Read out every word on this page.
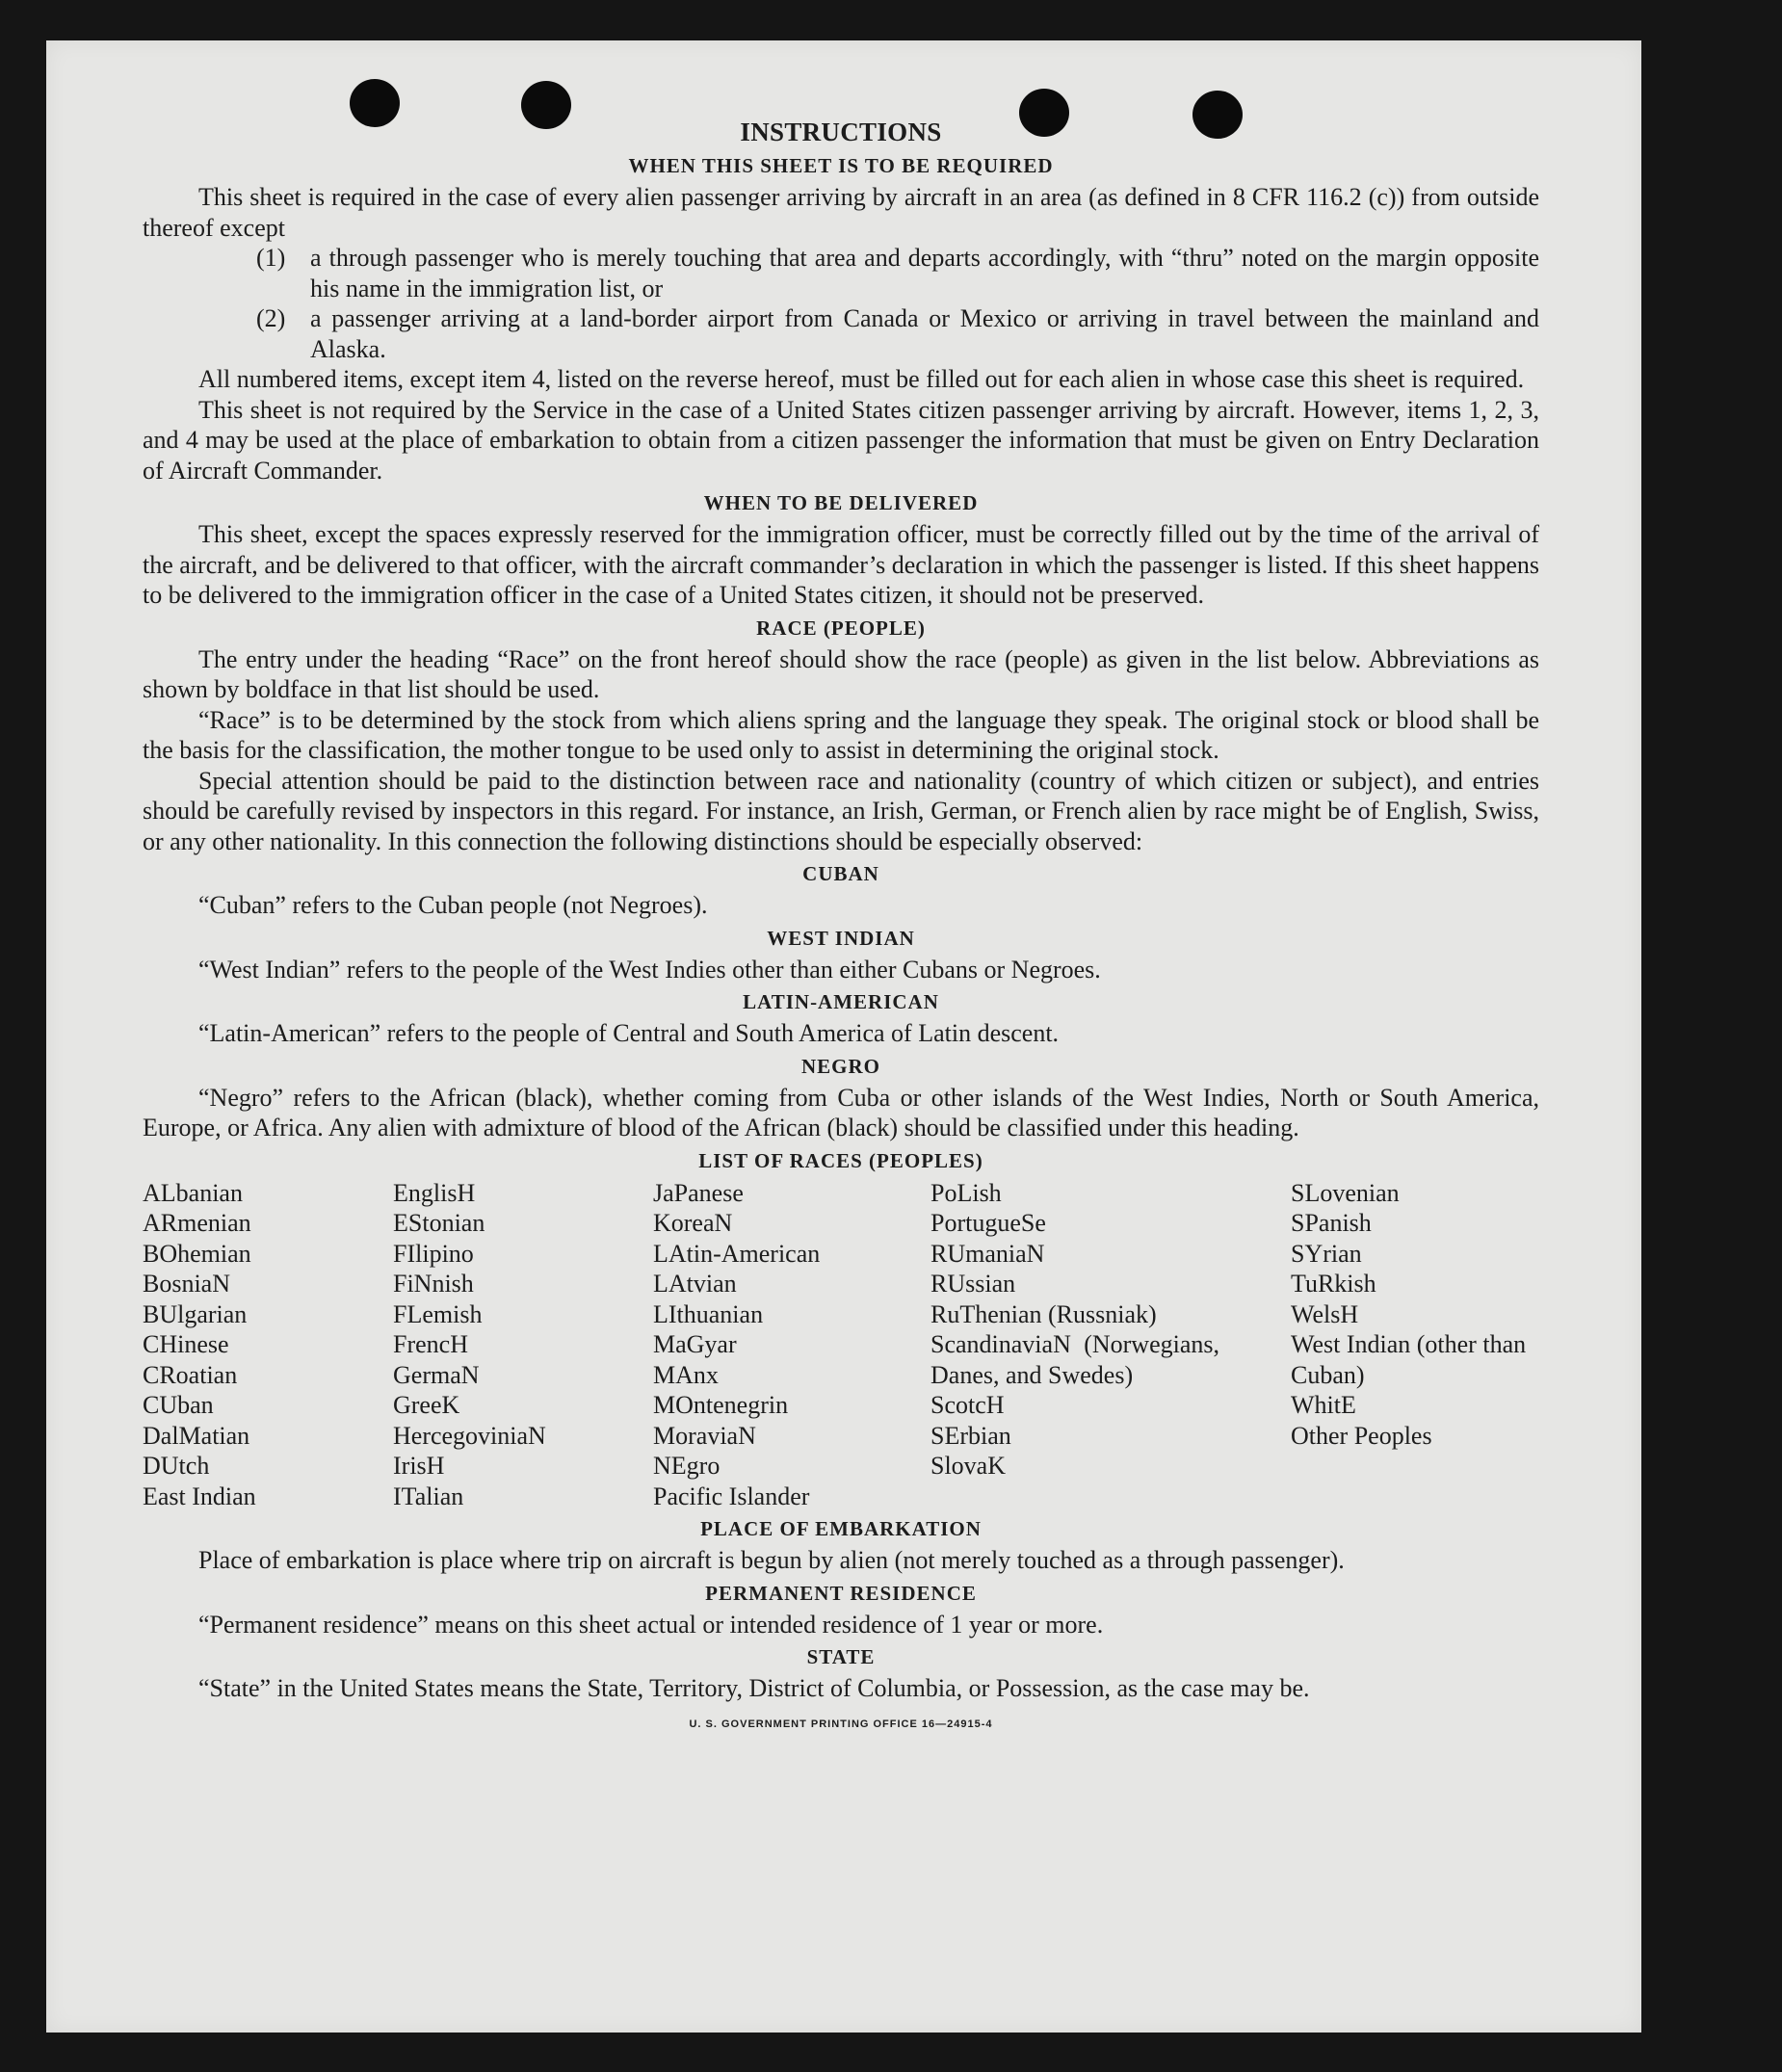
INSTRUCTIONS
WHEN THIS SHEET IS TO BE REQUIRED

This sheet is required in the case of every alien passenger arriving by aircraft in an area (as defined in 8 CFR 116.2 (c)) from outside thereof except

(1) a through passenger who is merely touching that area and departs accordingly, with “thru” noted on the margin opposite his name in the immigration list, or
(2) a passenger arriving at a land-border airport from Canada or Mexico or arriving in travel between the mainland and Alaska.

All numbered items, except item 4, listed on the reverse hereof, must be filled out for each alien in whose case this sheet is required.

This sheet is not required by the Service in the case of a United States citizen passenger arriving by aircraft. However, items 1, 2, 3, and 4 may be used at the place of embarkation to obtain from a citizen passenger the information that must be given on Entry Declaration of Aircraft Commander.

WHEN TO BE DELIVERED

This sheet, except the spaces expressly reserved for the immigration officer, must be correctly filled out by the time of the arrival of the aircraft, and be delivered to that officer, with the aircraft commander’s declaration in which the passenger is listed. If this sheet happens to be delivered to the immigration officer in the case of a United States citizen, it should not be preserved.

RACE (PEOPLE)

The entry under the heading “Race” on the front hereof should show the race (people) as given in the list below. Abbreviations as shown by boldface in that list should be used.

“Race” is to be determined by the stock from which aliens spring and the language they speak. The original stock or blood shall be the basis for the classification, the mother tongue to be used only to assist in determining the original stock.

Special attention should be paid to the distinction between race and nationality (country of which citizen or subject), and entries should be carefully revised by inspectors in this regard. For instance, an Irish, German, or French alien by race might be of English, Swiss, or any other nationality. In this connection the following distinctions should be especially observed:

CUBAN

“Cuban” refers to the Cuban people (not Negroes).

WEST INDIAN

“West Indian” refers to the people of the West Indies other than either Cubans or Negroes.

LATIN-AMERICAN

“Latin-American” refers to the people of Central and South America of Latin descent.

NEGRO

“Negro” refers to the African (black), whether coming from Cuba or other islands of the West Indies, North or South America, Europe, or Africa. Any alien with admixture of blood of the African (black) should be classified under this heading.

LIST OF RACES (PEOPLES)
ALbanian
ARmenian
BOhemian
BosniaN
BUlgarian
CHinese
CRoatian
CUban
DalMatian
DUtch
East Indian
EnglisH
EStonian
FIlipino
FiNnish
FLemish
FrencH
GermaN
GreeK
HercegoviniaN
IrisH
ITalian
JaPanese
KoreaN
LAtin-American
LAtvian
LIthuanian
MaGyar
MAnx
MOntenegrin
MoraviaN
NEgro
Pacific Islander
PoLish
PortugueSe
RUmaniaN
RUssian
RuThenian (Russniak)
ScandinaviaN (Norwegians, Danes, and Swedes)
ScotcH
SErbian
SlovaK
SLovenian
SPanish
SYrian
TuRkish
WelsH
West Indian (other than Cuban)
WhitE
Other Peoples
PLACE OF EMBARKATION

Place of embarkation is place where trip on aircraft is begun by alien (not merely touched as a through passenger).

PERMANENT RESIDENCE

“Permanent residence” means on this sheet actual or intended residence of 1 year or more.

STATE

“State” in the United States means the State, Territory, District of Columbia, or Possession, as the case may be.

U. S. GOVERNMENT PRINTING OFFICE 16—24915-4
